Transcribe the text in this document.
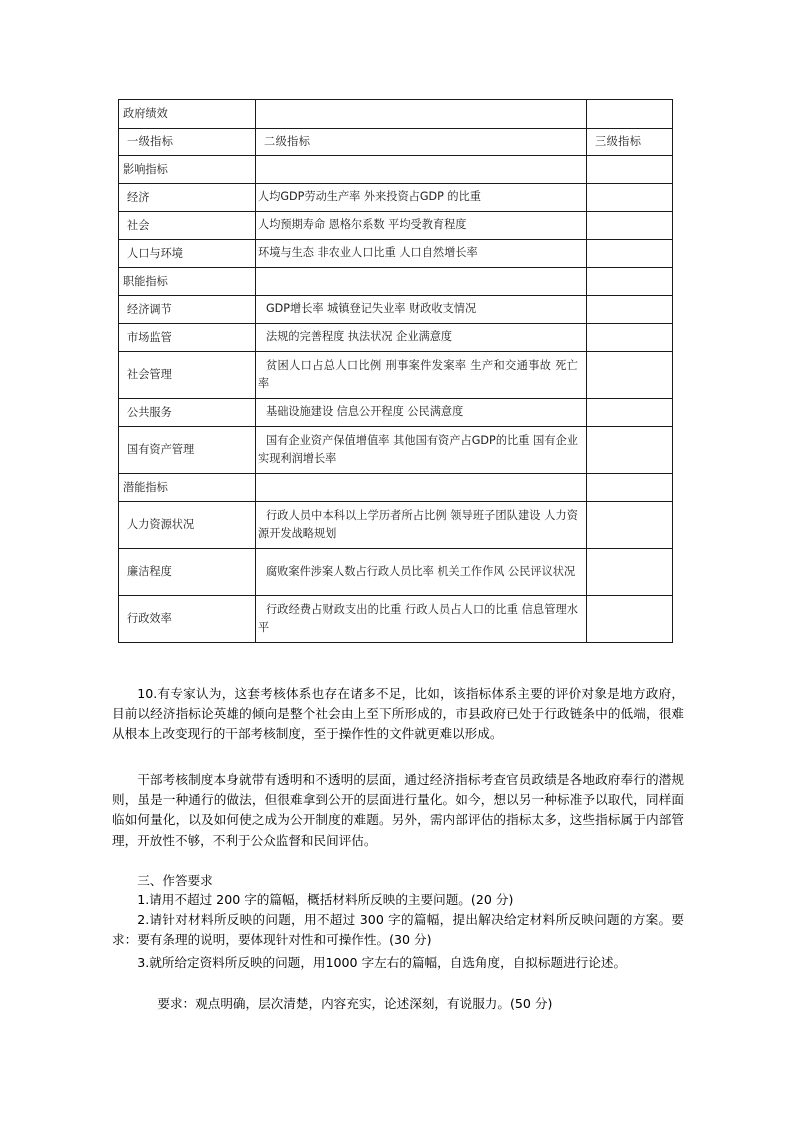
政府绩效		
一级指标	二级指标	三级指标

影响指标		

经济	人均GDP劳动生产率 外来投资占GDP 的比重	

社会	人均预期寿命 恩格尔系数 平均受教育程度	

人口与环境	环境与生态 非农业人口比重 人口自然增长率	

职能指标		

经济调节	GDP增长率 城镇登记失业率 财政收支情况	

市场监管	法规的完善程度 执法状况 企业满意度	

社会管理	贫困人口占总人口比例 刑事案件发案率 生产和交通事故 死亡率	

公共服务	基础设施建设 信息公开程度 公民满意度	

国有资产管理	国有企业资产保值增值率 其他国有资产占GDP的比重 国有企业实现利润增长率	

潜能指标		

人力资源状况	行政人员中本科以上学历者所占比例 领导班子团队建设 人力资源开发战略规划	

廉洁程度	腐败案件涉案人数占行政人员比率 机关工作作风 公民评议状况	

行政效率	行政经费占财政支出的比重 行政人员占人口的比重 信息管理水平	

10.有专家认为，这套考核体系也存在诸多不足，比如，该指标体系主要的评价对象是地方政府，目前以经济指标论英雄的倾向是整个社会由上至下所形成的，市县政府已处于行政链条中的低端，很难从根本上改变现行的干部考核制度，至于操作性的文件就更难以形成。
干部考核制度本身就带有透明和不透明的层面，通过经济指标考查官员政绩是各地政府奉行的潜规则，虽是一种通行的做法，但很难拿到公开的层面进行量化。如今，想以另一种标准予以取代，同样面临如何量化，以及如何使之成为公开制度的难题。另外，需内部评估的指标太多，这些指标属于内部管理，开放性不够，不利于公众监督和民间评估。
三、作答要求
1.请用不超过 200 字的篇幅，概括材料所反映的主要问题。(20 分)
2.请针对材料所反映的问题，用不超过 300 字的篇幅，提出解决给定材料所反映问题的方案。要求：要有条理的说明，要体现针对性和可操作性。(30 分)
3.就所给定资料所反映的问题，用1000 字左右的篇幅，自选角度，自拟标题进行论述。
要求：观点明确，层次清楚，内容充实，论述深刻，有说服力。(50 分)
